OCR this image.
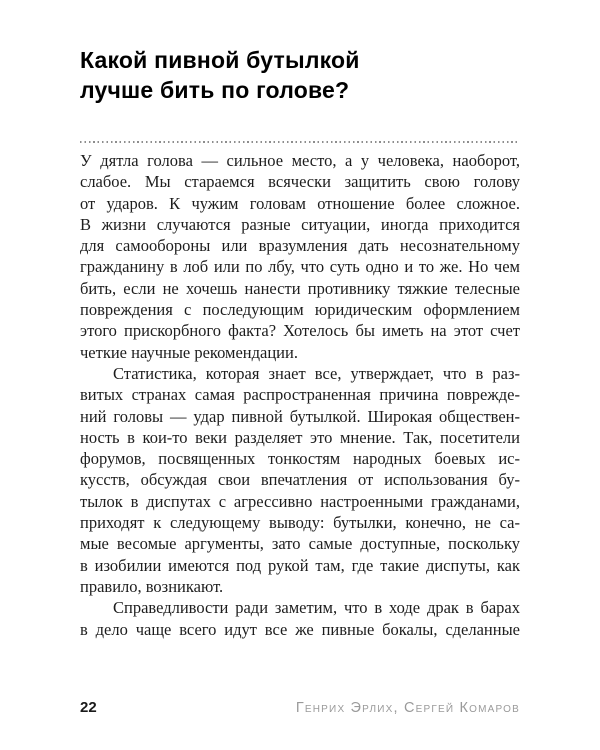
Какой пивной бутылкой
лучше бить по голове?
У дятла голова — сильное место, а у человека, наоборот,
слабое. Мы стараемся всячески защитить свою голову
от ударов. К чужим головам отношение более сложное.
В жизни случаются разные ситуации, иногда приходится
для самообороны или вразумления дать несознательному
гражданину в лоб или по лбу, что суть одно и то же. Но чем
бить, если не хочешь нанести противнику тяжкие телесные
повреждения с последующим юридическим оформлением
этого прискорбного факта? Хотелось бы иметь на этот счет
четкие научные рекомендации.
Статистика, которая знает все, утверждает, что в раз-
витых странах самая распространенная причина поврежде-
ний головы — удар пивной бутылкой. Широкая обществен-
ность в кои-то веки разделяет это мнение. Так, посетители
форумов, посвященных тонкостям народных боевых ис-
кусств, обсуждая свои впечатления от использования бу-
тылок в диспутах с агрессивно настроенными гражданами,
приходят к следующему выводу: бутылки, конечно, не са-
мые весомые аргументы, зато самые доступные, поскольку
в изобилии имеются под рукой там, где такие диспуты, как
правило, возникают.
Справедливости ради заметим, что в ходе драк в барах
в дело чаще всего идут все же пивные бокалы, сделанные
22	Генрих Эрлих, Сергей Комаров
